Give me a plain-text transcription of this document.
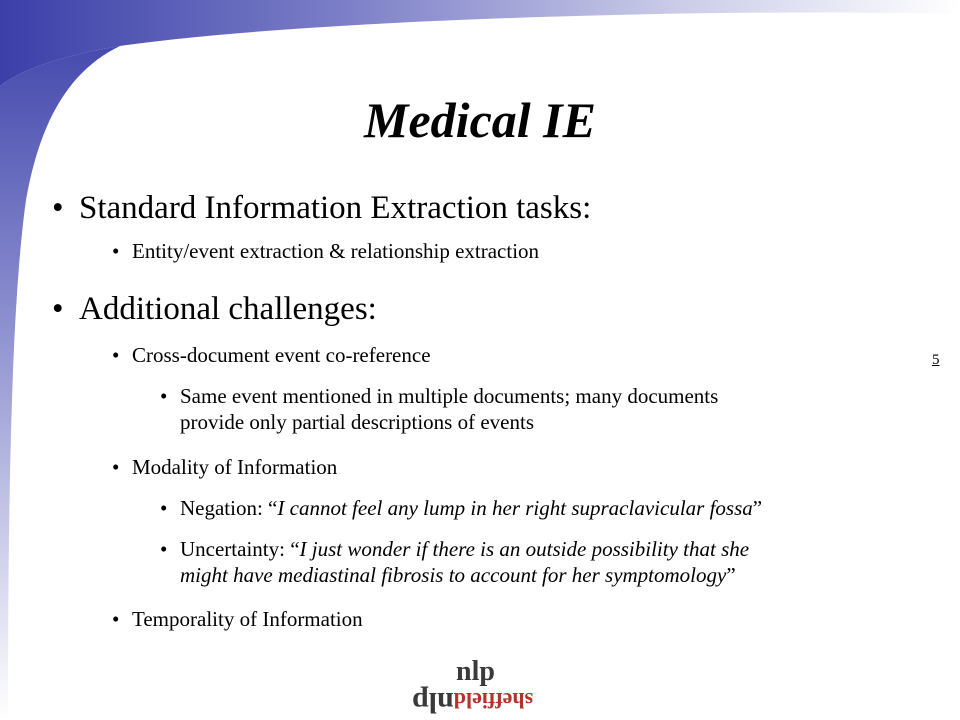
Medical IE
• Standard Information Extraction tasks:
• Entity/event extraction & relationship extraction
• Additional challenges:
• Cross-document event co-reference
• Same event mentioned in multiple documents; many documents
provide only partial descriptions of events
• Modality of Information
• Negation: “I cannot feel any lump in her right supraclavicular fossa”
• Uncertainty: “I just wonder if there is an outside possibility that she
might have mediastinal fibrosis to account for her symptomology”
• Temporality of Information
5
nlp
sheffieldnlp
